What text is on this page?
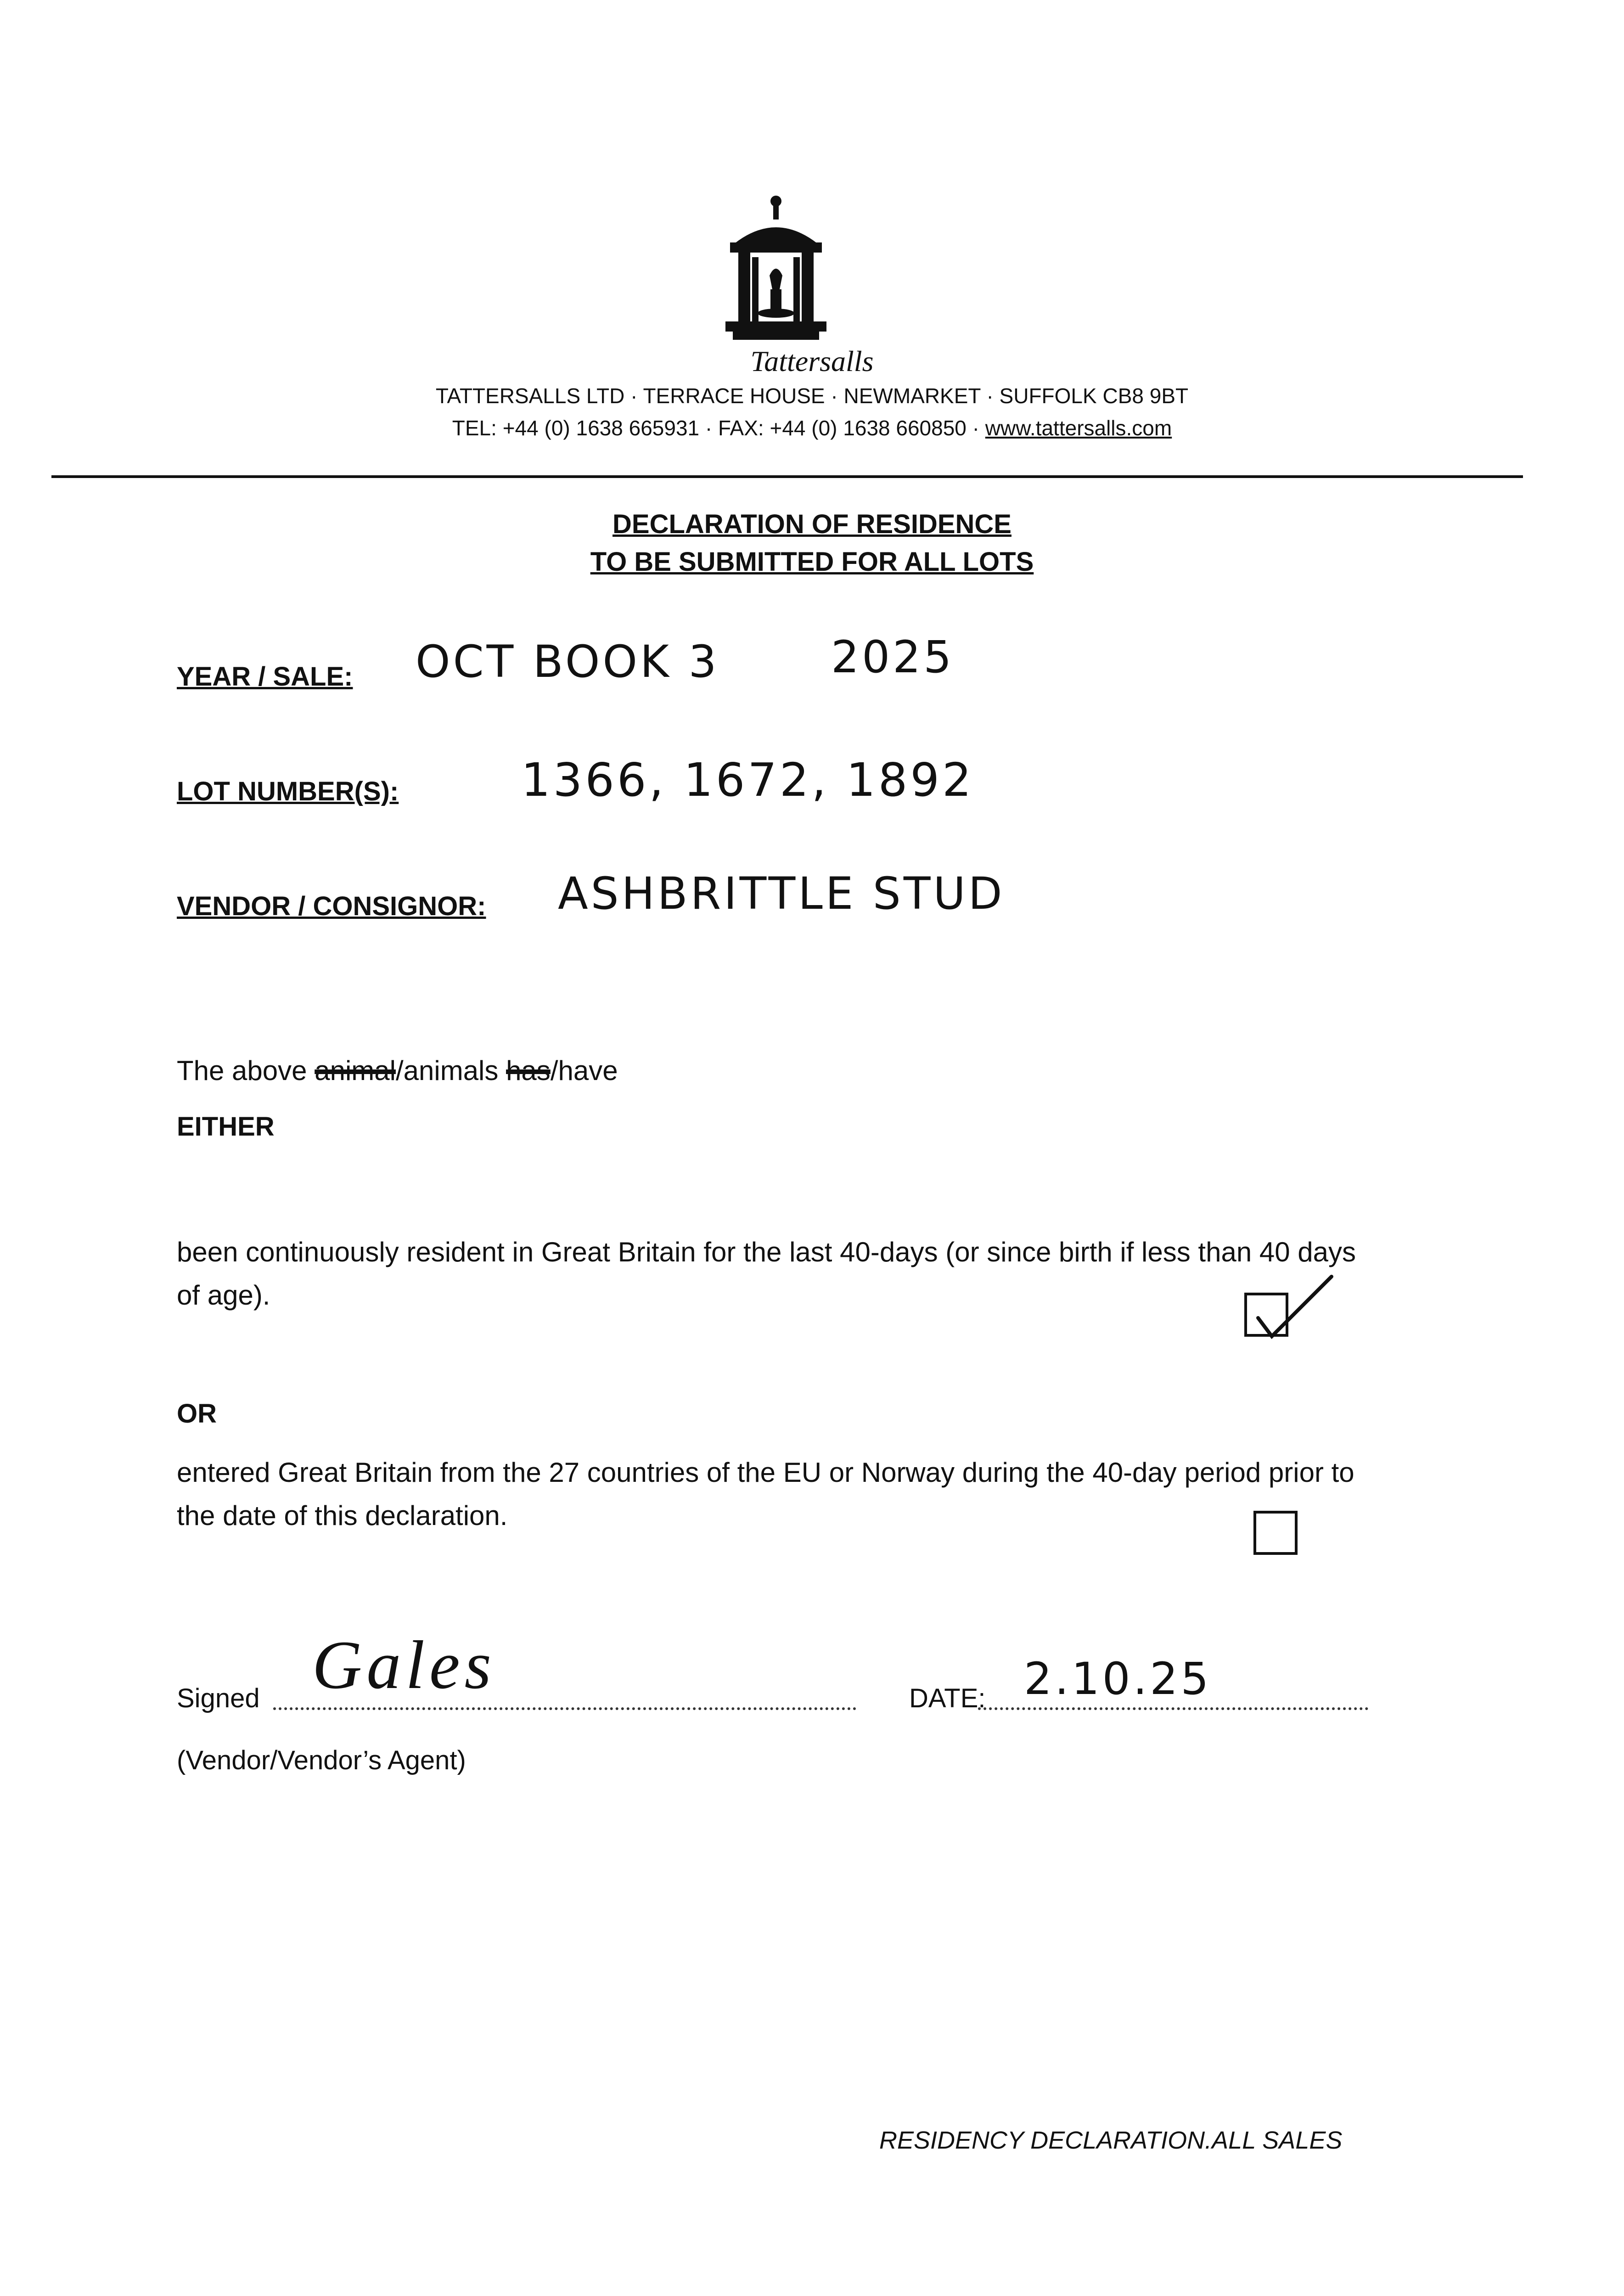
Tattersalls
TATTERSALLS LTD · TERRACE HOUSE · NEWMARKET · SUFFOLK CB8 9BT
TEL: +44 (0) 1638 665931 · FAX: +44 (0) 1638 660850 · www.tattersalls.com
DECLARATION OF RESIDENCE
TO BE SUBMITTED FOR ALL LOTS
YEAR / SALE: OCT BOOK 3	2025
LOT NUMBER(S):	1366, 1672, 1892
VENDOR / CONSIGNOR: ASHBRITTLE STUD
The above animal/animals has/have
EITHER
been continuously resident in Great Britain for the last 40-days (or since birth if less than 40 days of age).
OR
entered Great Britain from the 27 countries of the EU or Norway during the 40-day period prior to the date of this declaration.
Signed Gales	DATE: 2.10.25
(Vendor/Vendor’s Agent)
RESIDENCY DECLARATION.ALL SALES
